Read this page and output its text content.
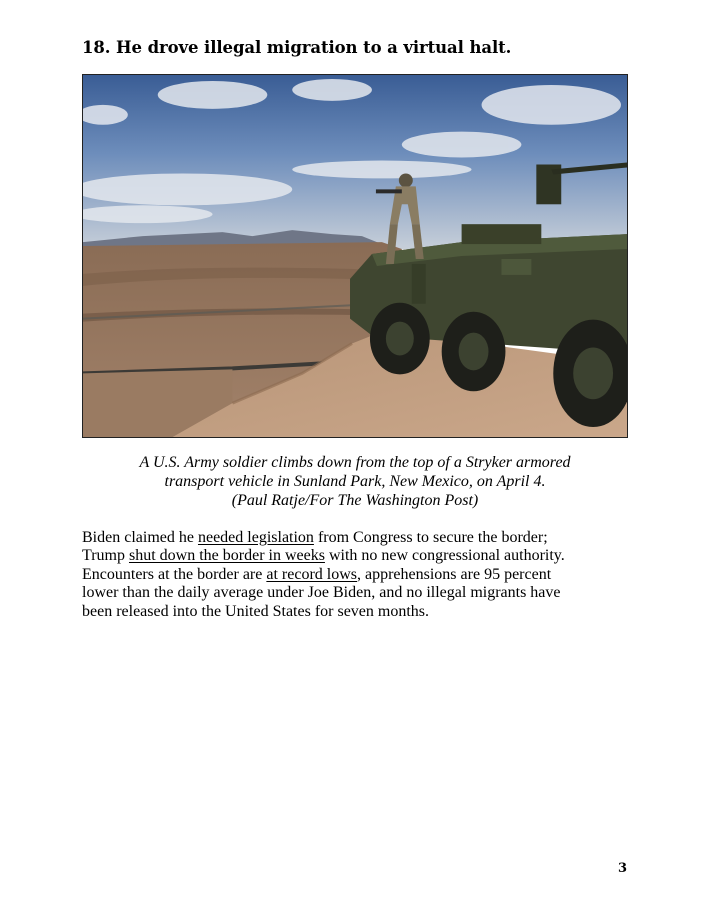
18. He drove illegal migration to a virtual halt.
A U.S. Army soldier climbs down from the top of a Stryker armored
transport vehicle in Sunland Park, New Mexico, on April 4.
(Paul Ratje/For The Washington Post)
Biden claimed he needed legislation from Congress to secure the border;
Trump shut down the border in weeks with no new congressional authority.
Encounters at the border are at record lows, apprehensions are 95 percent
lower than the daily average under Joe Biden, and no illegal migrants have
been released into the United States for seven months.
3
